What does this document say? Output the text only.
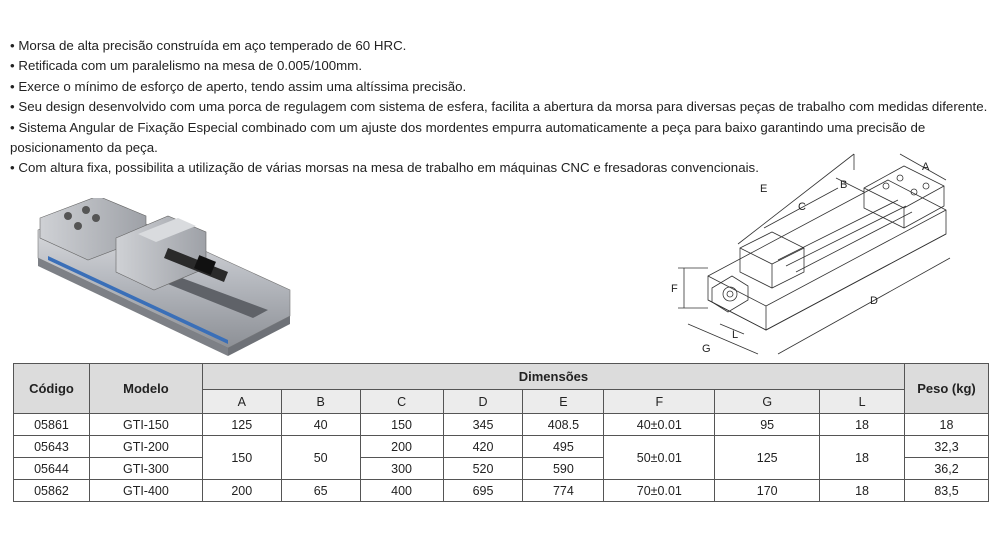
• Morsa de alta precisão construída em aço temperado de 60 HRC.

• Retificada com um paralelismo na mesa de 0.005/100mm.

• Exerce o mínimo de esforço de aperto, tendo assim uma altíssima precisão.

• Seu design desenvolvido com uma porca de regulagem com sistema de esfera, facilita a abertura da morsa para diversas peças de trabalho com medidas diferente.

• Sistema Angular de Fixação Especial combinado com um ajuste dos mordentes empurra automaticamente a peça para baixo garantindo uma precisão de posicionamento da peça.

• Com altura fixa, possibilita a utilização de várias morsas na mesa de trabalho em máquinas CNC e fresadoras convencionais.	A
B
C
D
E
F
G
L
Código	Modelo	Dimensões								Peso (kg)
		A	B	C	D	E	F	G	L	
05861	GTI-150	125	40	150	345	408.5	40±0.01	95	18	18
05643	GTI-200	150	50	200	420	495	50±0.01	125	18	32,3
05644	GTI-300			300	520	590				36,2
05862	GTI-400	200	65	400	695	774	70±0.01	170	18	83,5
